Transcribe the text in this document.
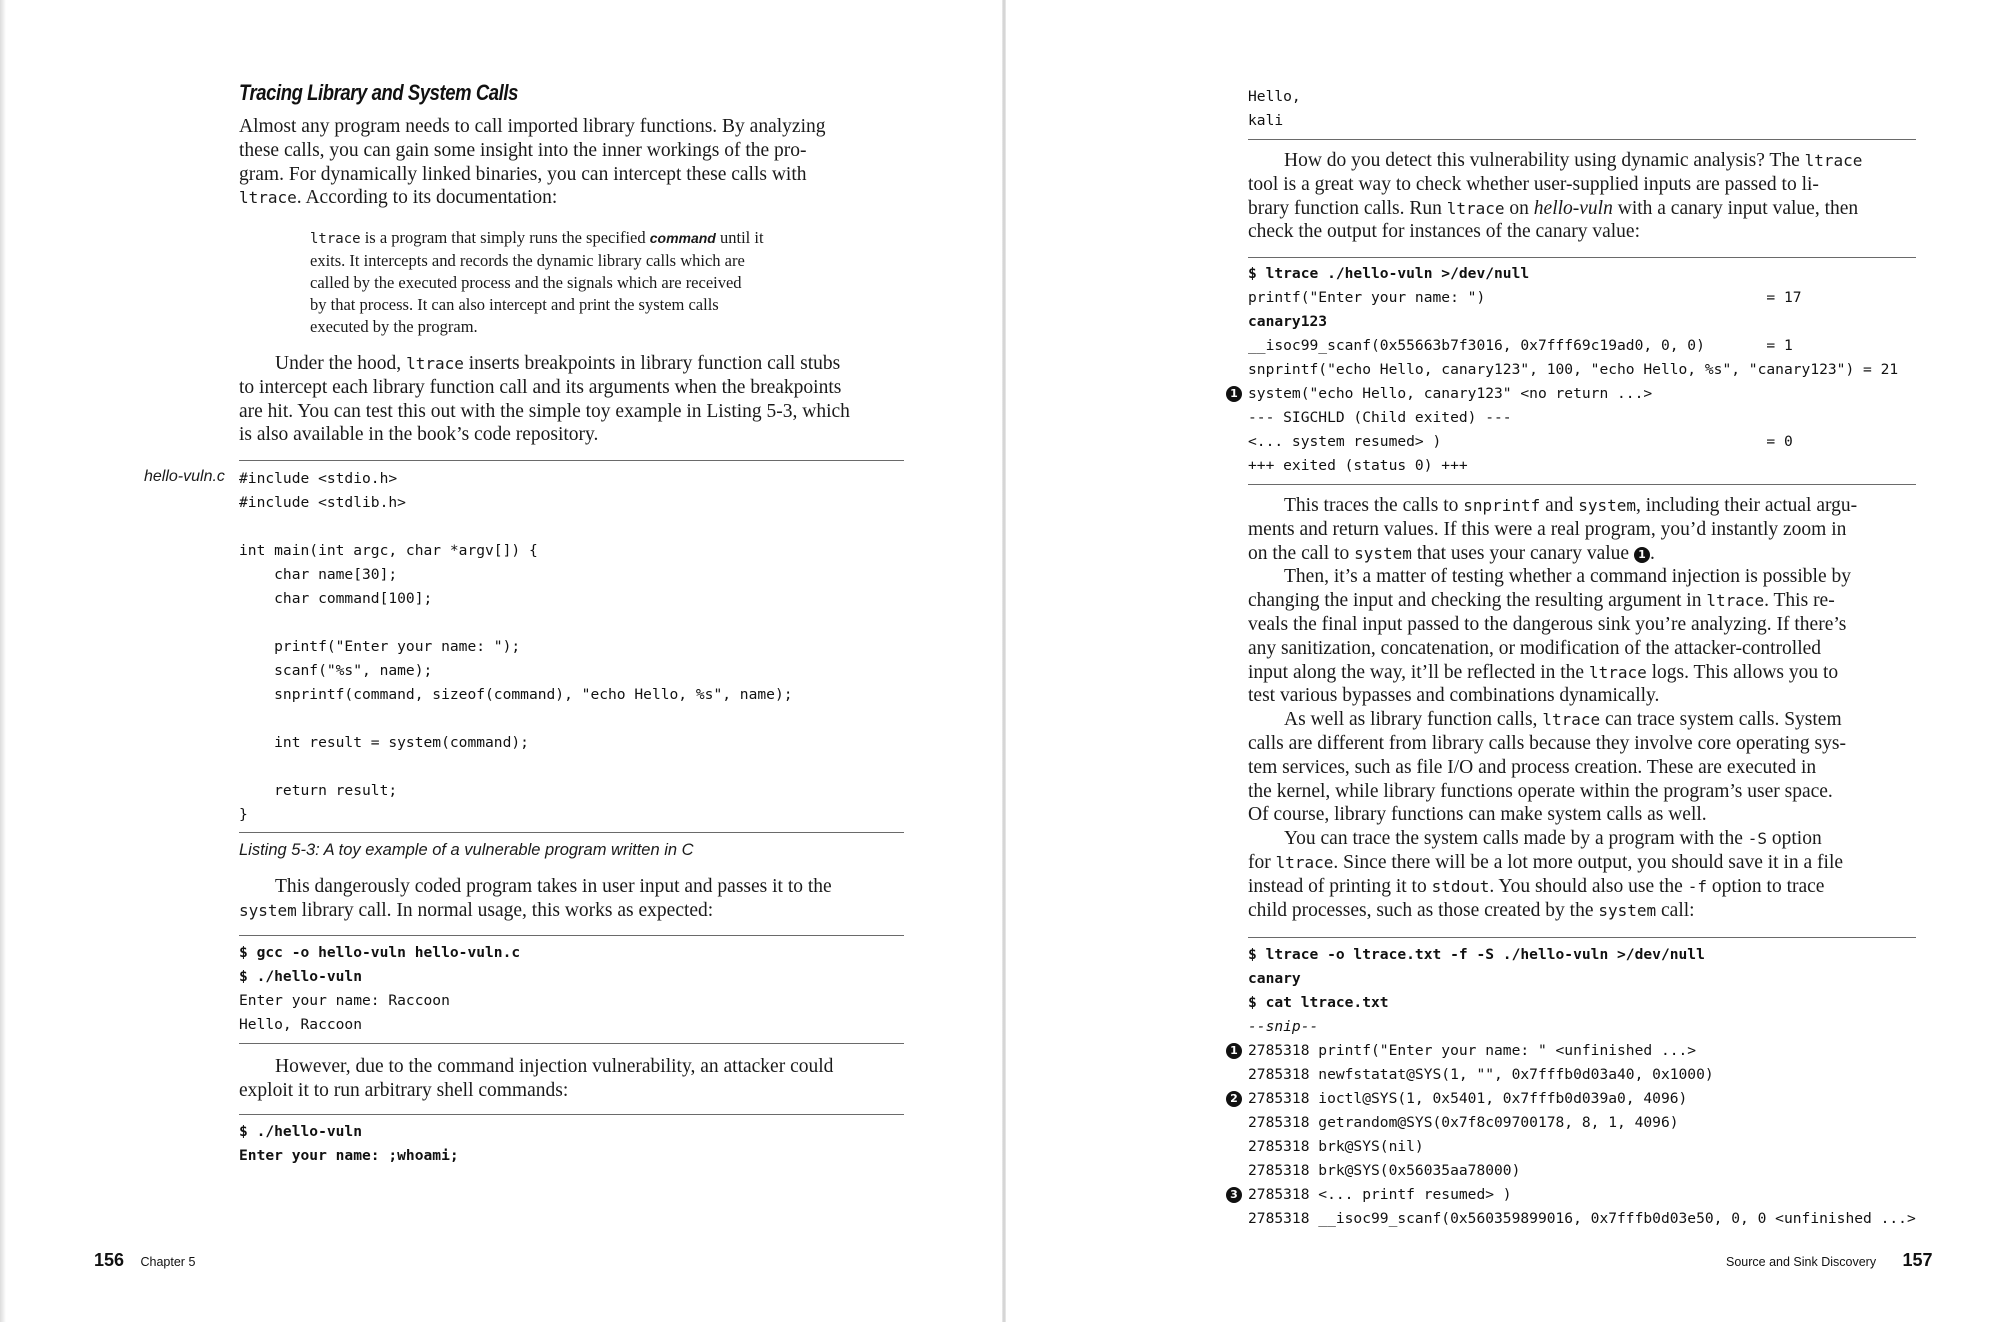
Tracing Library and System Calls

Almost any program needs to call imported library functions. By analyzing

these calls, you can gain some insight into the inner workings of the pro-

gram. For dynamically linked binaries, you can intercept these calls with

ltrace. According to its documentation:

ltrace is a program that simply runs the specified command until it
exits. It intercepts and records the dynamic library calls which are
called by the executed process and the signals which are received
by that process. It can also intercept and print the system calls
executed by the program.

Under the hood, ltrace inserts breakpoints in library function call stubs

to intercept each library function call and its arguments when the breakpoints

are hit. You can test this out with the simple toy example in Listing 5-3, which

is also available in the book’s code repository.

hello-vuln.c #include <stdio.h>
#include <stdlib.h>
int main(int argc, char *argv[]) {
char name[30];
char command[100];
printf("Enter your name: ");
scanf("%s", name);
snprintf(command, sizeof(command), "echo Hello, %s", name);
int result = system(command);
return result;
}
Listing 5-3: A toy example of a vulnerable program written in C

This dangerously coded program takes in user input and passes it to the

system library call. In normal usage, this works as expected:

$ gcc -o hello-vuln hello-vuln.c
$ ./hello-vuln
Enter your name: Raccoon
Hello, Raccoon

However, due to the command injection vulnerability, an attacker could

exploit it to run arbitrary shell commands:

$ ./hello-vuln
Enter your name: ;whoami;
156 Chapter 5
Hello,
kali

How do you detect this vulnerability using dynamic analysis? The ltrace

tool is a great way to check whether user-supplied inputs are passed to li-

brary function calls. Run ltrace on hello-vuln with a canary input value, then

check the output for instances of the canary value:

$ ltrace ./hello-vuln >/dev/null
printf("Enter your name: ")                                = 17
canary123
__isoc99_scanf(0x55663b7f3016, 0x7fff69c19ad0, 0, 0)       = 1
snprintf("echo Hello, canary123", 100, "echo Hello, %s", "canary123") = 21
system("echo Hello, canary123" <no return ...>
1
--- SIGCHLD (Child exited) ---
<... system resumed> )                                     = 0
+++ exited (status 0) +++

This traces the calls to snprintf and system, including their actual argu-

ments and return values. If this were a real program, you’d instantly zoom in

on the call to system that uses your canary value 1 .

Then, it’s a matter of testing whether a command injection is possible by

changing the input and checking the resulting argument in ltrace. This re-

veals the final input passed to the dangerous sink you’re analyzing. If there’s

any sanitization, concatenation, or modification of the attacker-controlled

input along the way, it’ll be reflected in the ltrace logs. This allows you to

test various bypasses and combinations dynamically.

As well as library function calls, ltrace can trace system calls. System

calls are different from library calls because they involve core operating sys-

tem services, such as file I/O and process creation. These are executed in

the kernel, while library functions operate within the program’s user space.

Of course, library functions can make system calls as well.

You can trace the system calls made by a program with the -S option

for ltrace. Since there will be a lot more output, you should save it in a file

instead of printing it to stdout. You should also use the -f option to trace

child processes, such as those created by the system call:

$ ltrace -o ltrace.txt -f -S ./hello-vuln >/dev/null
canary
$ cat ltrace.txt
--snip--
2785318 printf("Enter your name: " <unfinished ...>
1
2785318 newfstatat@SYS(1, "", 0x7fffb0d03a40, 0x1000)
2785318 ioctl@SYS(1, 0x5401, 0x7fffb0d039a0, 4096)
2
2785318 getrandom@SYS(0x7f8c09700178, 8, 1, 4096)
2785318 brk@SYS(nil)
2785318 brk@SYS(0x56035aa78000)
2785318 <... printf resumed> )
3
2785318 __isoc99_scanf(0x560359899016, 0x7fffb0d03e50, 0, 0 <unfinished ...>
Source and Sink Discovery 157
